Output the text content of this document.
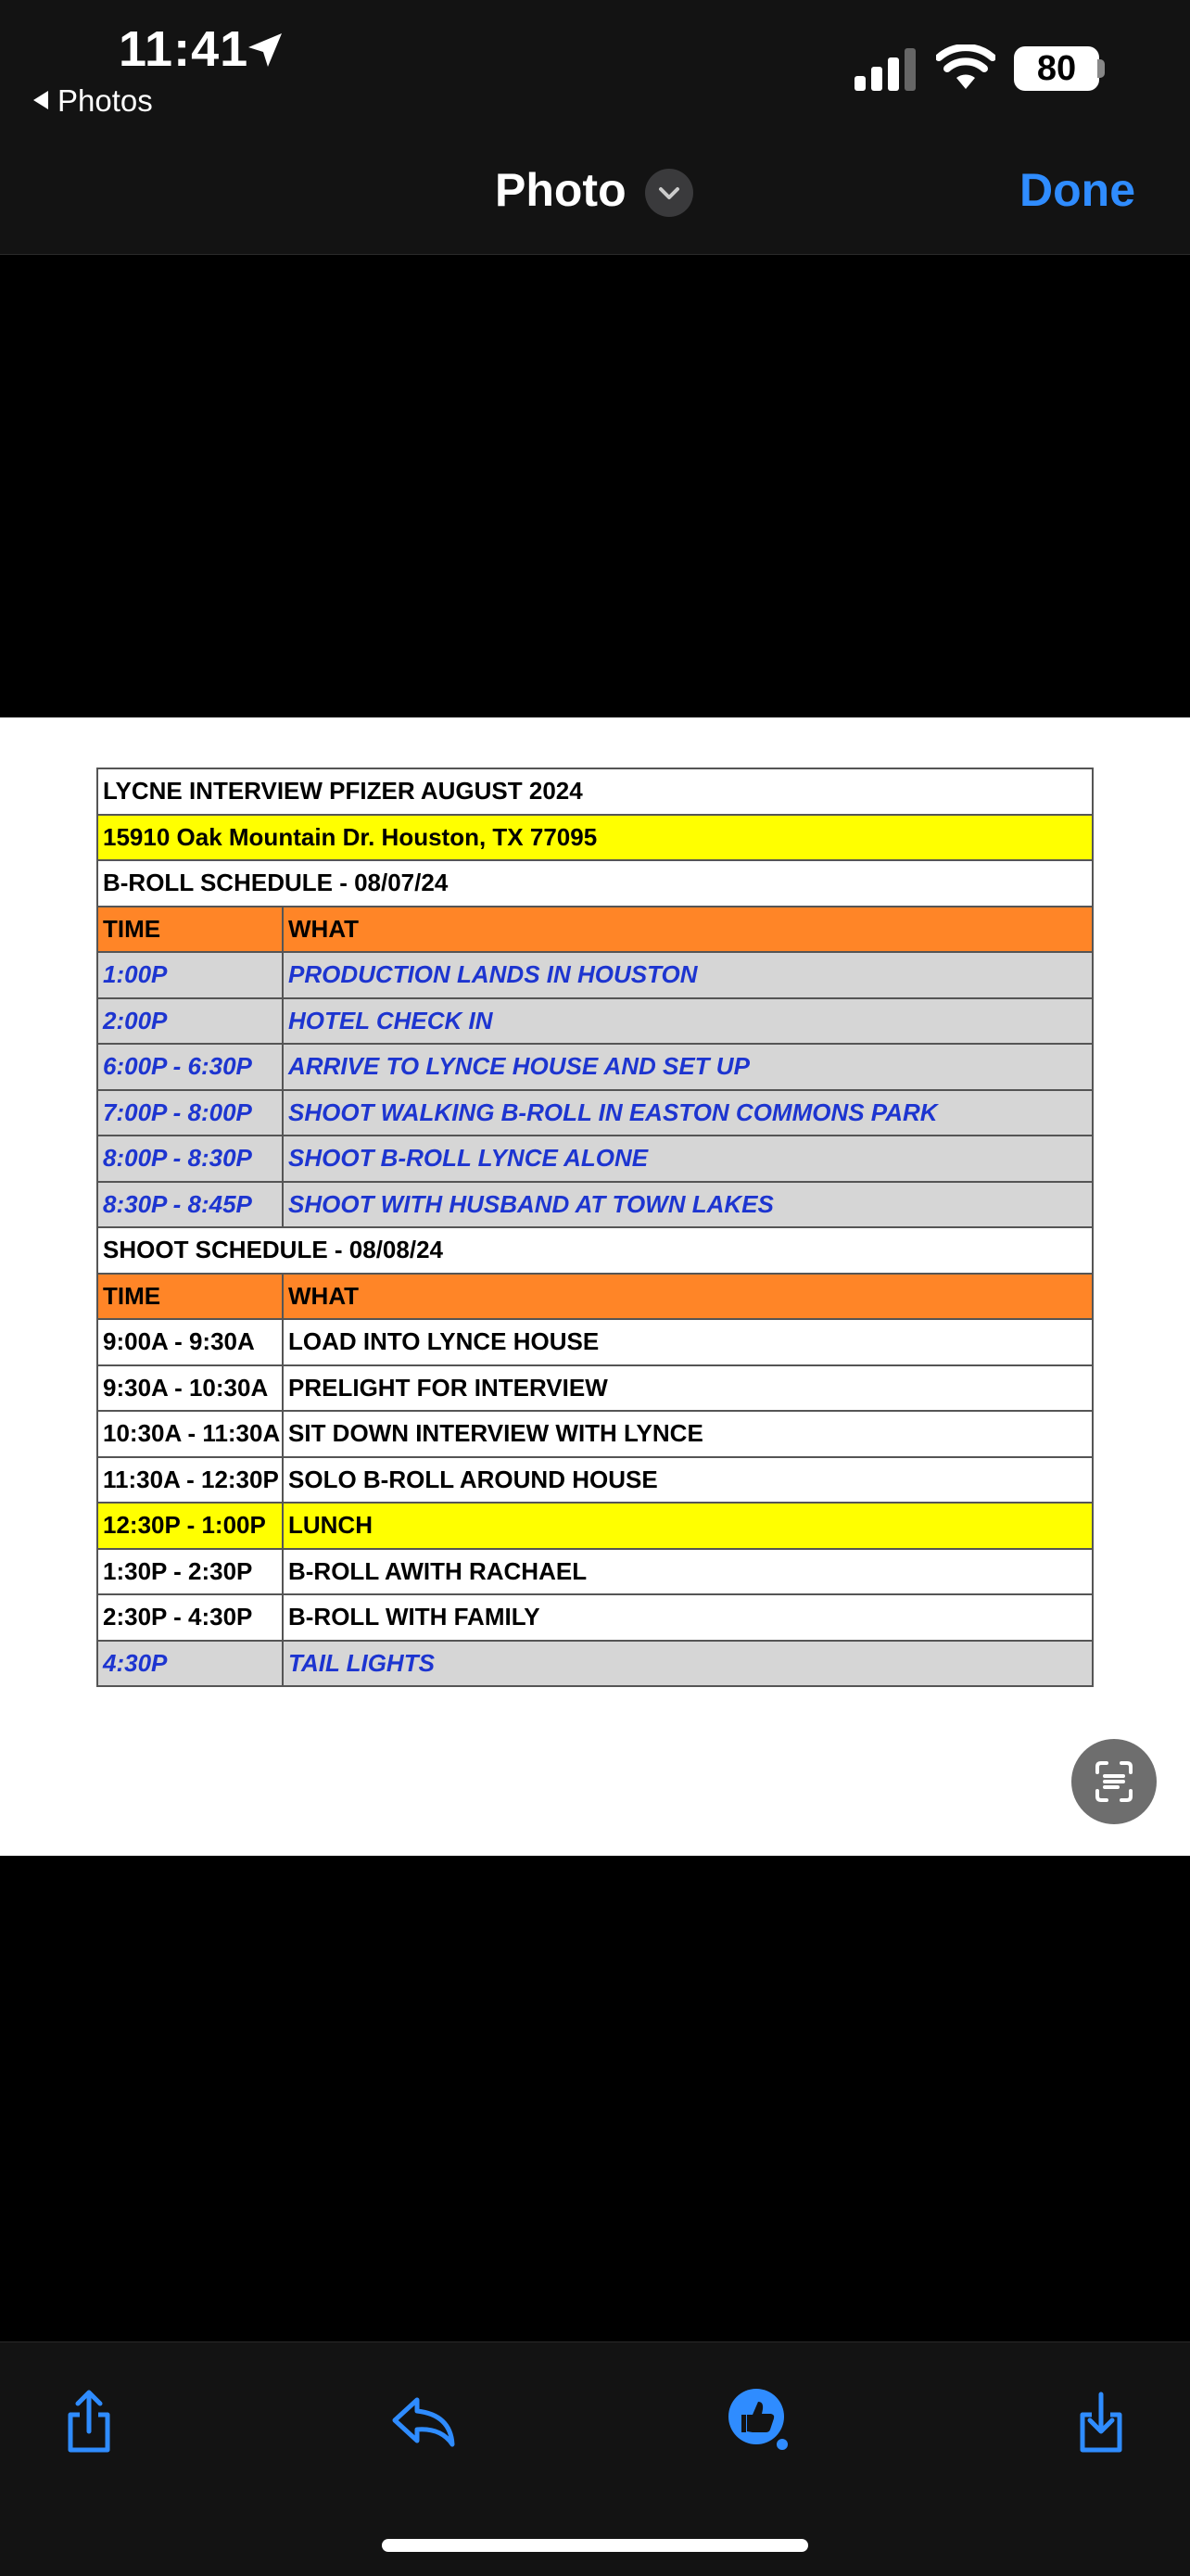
11:41
Photos
80
Photo	Done
LYCNE INTERVIEW PFIZER AUGUST 2024	
15910 Oak Mountain Dr. Houston, TX 77095	
B-ROLL SCHEDULE - 08/07/24	
TIME	WHAT
1:00P	PRODUCTION LANDS IN HOUSTON
2:00P	HOTEL CHECK IN
6:00P - 6:30P	ARRIVE TO LYNCE HOUSE AND SET UP
7:00P - 8:00P	SHOOT WALKING B-ROLL IN EASTON COMMONS PARK
8:00P - 8:30P	SHOOT B-ROLL LYNCE ALONE
8:30P - 8:45P	SHOOT WITH HUSBAND AT TOWN LAKES
SHOOT SCHEDULE - 08/08/24	
TIME	WHAT
9:00A - 9:30A	LOAD INTO LYNCE HOUSE
9:30A - 10:30A	PRELIGHT FOR INTERVIEW
10:30A - 11:30A	SIT DOWN INTERVIEW WITH LYNCE
11:30A - 12:30P	SOLO B-ROLL AROUND HOUSE
12:30P - 1:00P	LUNCH
1:30P - 2:30P	B-ROLL AWITH RACHAEL
2:30P - 4:30P	B-ROLL WITH FAMILY
4:30P	TAIL LIGHTS
